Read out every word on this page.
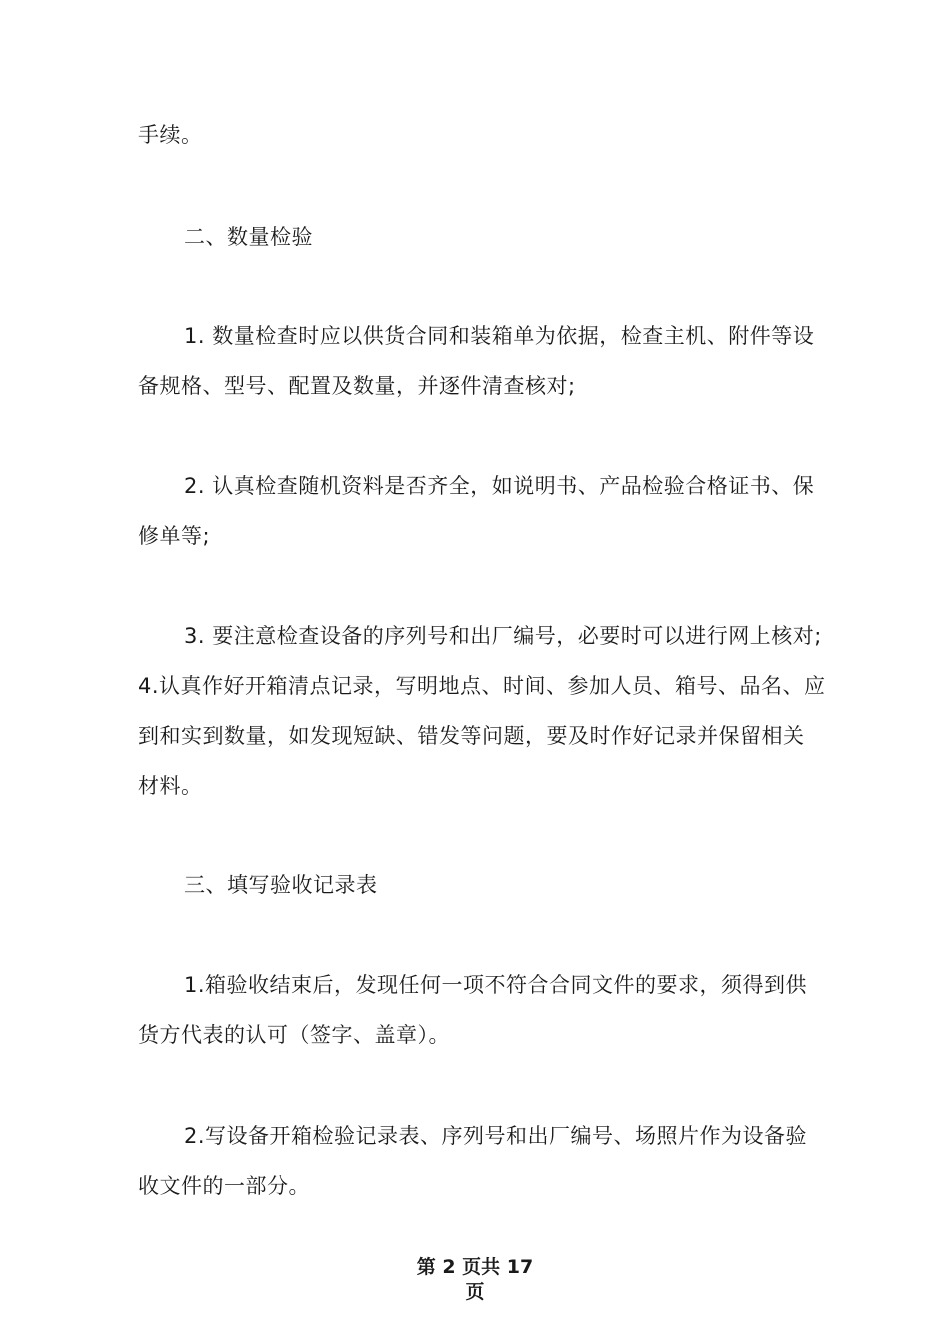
手续。
二、数量检验
1. 数量检查时应以供货合同和装箱单为依据，检查主机、附件等设
备规格、型号、配置及数量，并逐件清查核对;
2. 认真检查随机资料是否齐全，如说明书、产品检验合格证书、保
修单等;
3. 要注意检查设备的序列号和出厂编号，必要时可以进行网上核对;
4.认真作好开箱清点记录，写明地点、时间、参加人员、箱号、品名、应
到和实到数量，如发现短缺、错发等问题，要及时作好记录并保留相关
材料。
三、填写验收记录表
1.箱验收结束后，发现任何一项不符合合同文件的要求，须得到供
货方代表的认可（签字、盖章）。
2.写设备开箱检验记录表、序列号和出厂编号、场照片作为设备验
收文件的一部分。
第 2 页共 17
页
